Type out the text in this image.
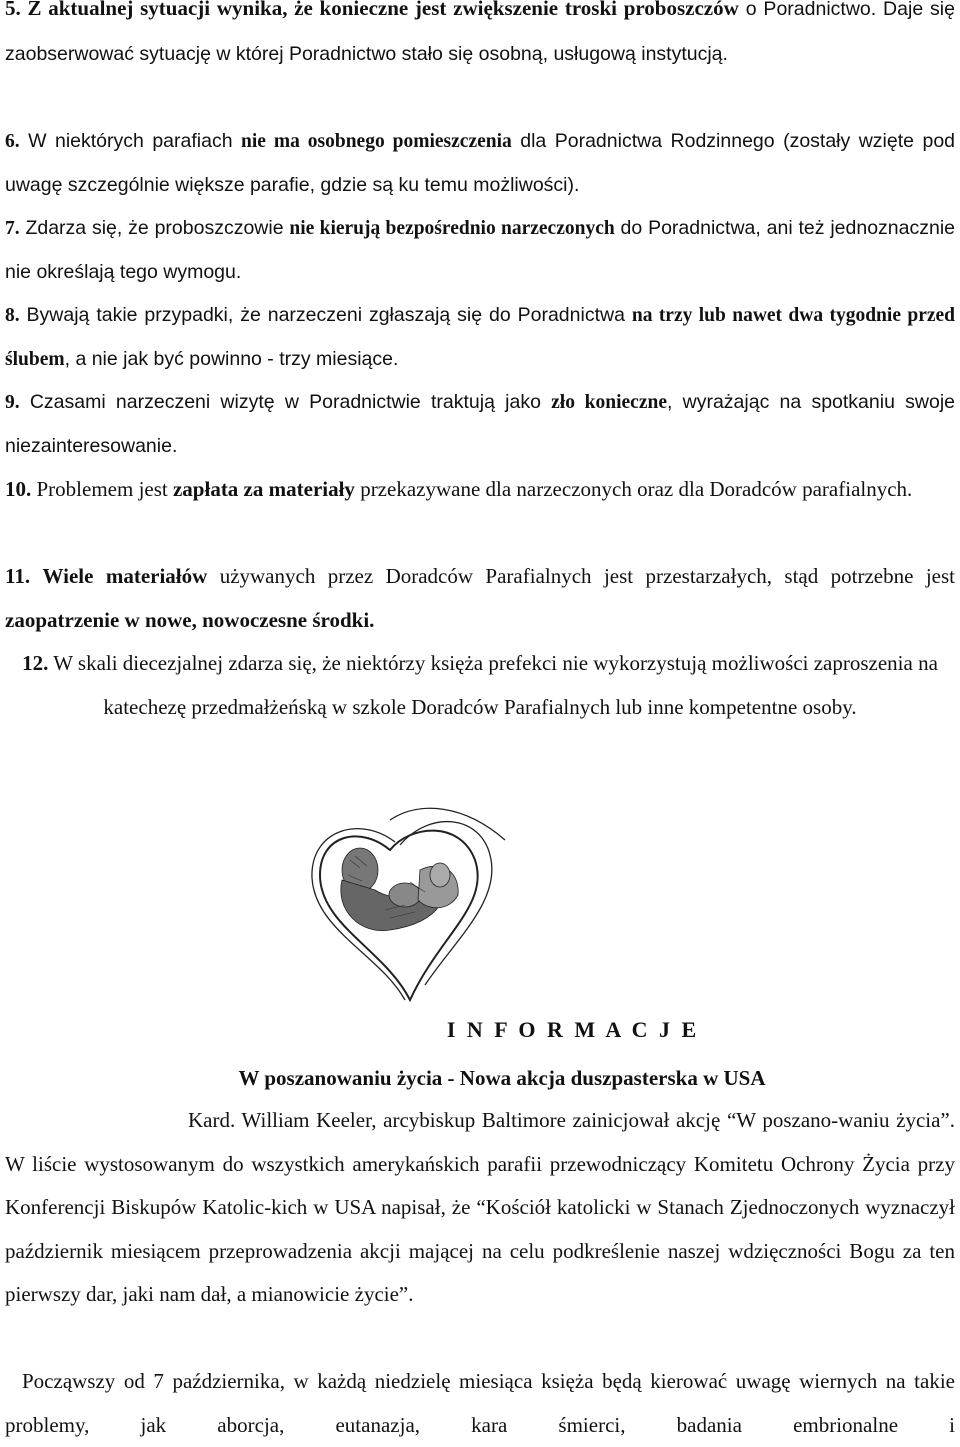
5. Z aktualnej sytuacji wynika, że konieczne jest zwiększenie troski proboszczów o Poradnictwo. Daje się zaobserwować sytuację w której Poradnictwo stało się osobną, usługową instytucją.

6. W niektórych parafiach nie ma osobnego pomieszczenia dla Poradnictwa Rodzinnego (zostały wzięte pod uwagę szczególnie większe parafie, gdzie są ku temu możliwości).

7. Zdarza się, że proboszczowie nie kierują bezpośrednio narzeczonych do Poradnictwa, ani też jednoznacznie nie określają tego wymogu.

8. Bywają takie przypadki, że narzeczeni zgłaszają się do Poradnictwa na trzy lub nawet dwa tygodnie przed ślubem, a nie jak być powinno - trzy miesiące.

9. Czasami narzeczeni wizytę w Poradnictwie traktują jako zło konieczne, wyrażając na spotkaniu swoje niezainteresowanie.

10. Problemem jest zapłata za materiały przekazywane dla narzeczonych oraz dla Doradców parafialnych.

11. Wiele materiałów używanych przez Doradców Parafialnych jest przestarzałych, stąd potrzebne jest zaopatrzenie w nowe, nowoczesne środki.

12. W skali diecezjalnej zdarza się, że niektórzy księża prefekci nie wykorzystują możliwości zaproszenia na katechezę przedmałżeńską w szkole Doradców Parafialnych lub inne kompetentne osoby.

I N F O R M A C J E
W poszanowaniu życia - Nowa akcja duszpasterska w USA

Kard. William Keeler, arcybiskup Baltimore zainicjował akcję “W poszano-waniu życia”. W liście wystosowanym do wszystkich amerykańskich parafii przewodniczący Komitetu Ochrony Życia przy Konferencji Biskupów Katolic-kich w USA napisał, że “Kościół katolicki w Stanach Zjednoczonych wyznaczył październik miesiącem przeprowadzenia akcji mającej na celu podkreślenie naszej wdzięczności Bogu za ten pierwszy dar, jaki nam dał, a mianowicie życie”.

Począwszy od 7 października, w każdą niedzielę miesiąca księża będą kierować uwagę wiernych na takie problemy, jak aborcja, eutanazja, kara śmierci, badania embrionalne i
